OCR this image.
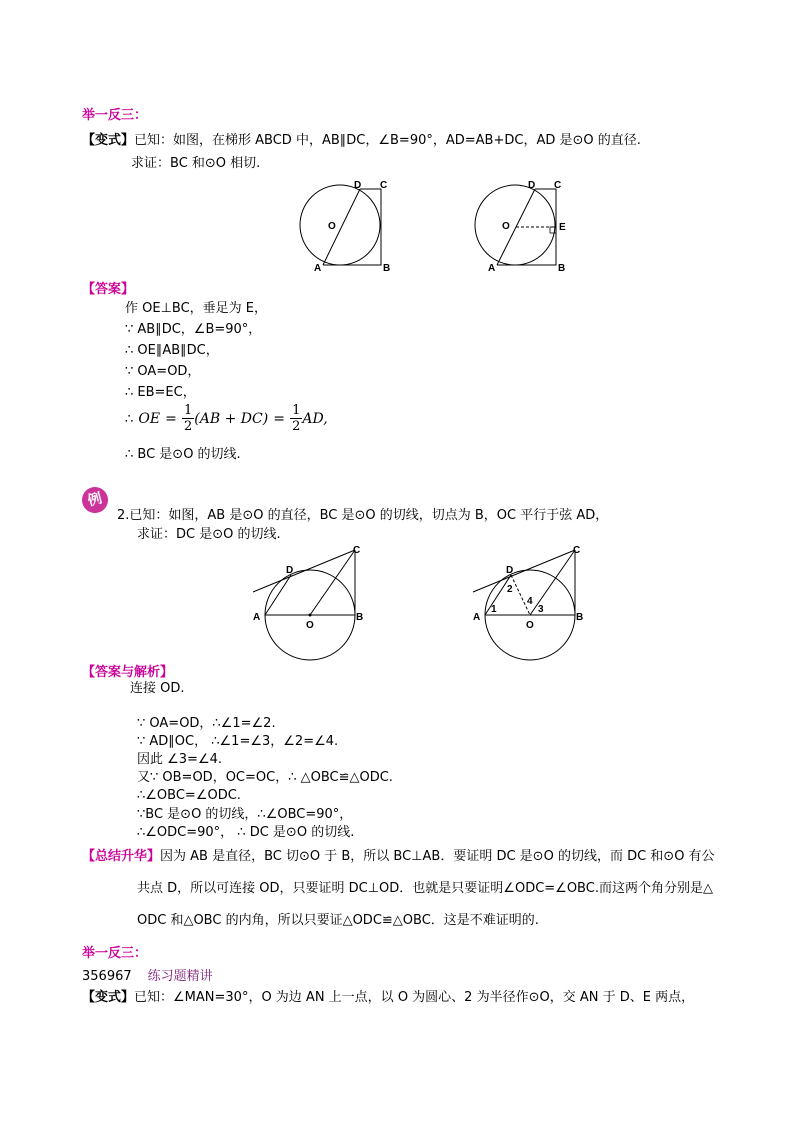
举一反三：
【变式】已知：如图，在梯形 ABCD 中，AB∥DC，∠B=90°，AD=AB+DC，AD 是⊙O 的直径.
求证：BC 和⊙O 相切.
A	B
C
D
O
A	B
C
D
O	E
【答案】
作 OE⊥BC，垂足为 E，
∵ AB∥DC，∠B=90°，
∴ OE∥AB∥DC，
∵ OA=OD，
∴ EB=EC，
∴ OE = $\frac{1}{2} (AB + DC) = \frac{1}{2}$ AD,
∴ BC 是⊙O 的切线.
例
2.已知：如图，AB 是⊙O 的直径，BC 是⊙O 的切线，切点为 B，OC 平行于弦 AD，
求证：DC 是⊙O 的切线.
A	B
C
D
O
A	B
C
D
O
1
2
3
4
【答案与解析】
连接 OD.
∵ OA=OD，∴∠1=∠2.
∵ AD∥OC， ∴∠1=∠3，∠2=∠4.
因此 ∠3=∠4.
又∵ OB=OD，OC=OC，∴ △OBC≌△ODC.
∴∠OBC=∠ODC.
∵BC 是⊙O 的切线，∴∠OBC=90°，
∴∠ODC=90°， ∴ DC 是⊙O 的切线.
【总结升华】因为 AB 是直径，BC 切⊙O 于 B，所以 BC⊥AB．要证明 DC 是⊙O 的切线，而 DC 和⊙O 有公
共点 D，所以可连接 OD，只要证明 DC⊥OD．也就是只要证明∠ODC=∠OBC.而这两个角分别是△
ODC 和△OBC 的内角，所以只要证△ODC≌△OBC．这是不难证明的.
举一反三：
356967 练习题精讲
【变式】已知：∠MAN=30°，O 为边 AN 上一点，以 O 为圆心、2 为半径作⊙O，交 AN 于 D、E 两点，
